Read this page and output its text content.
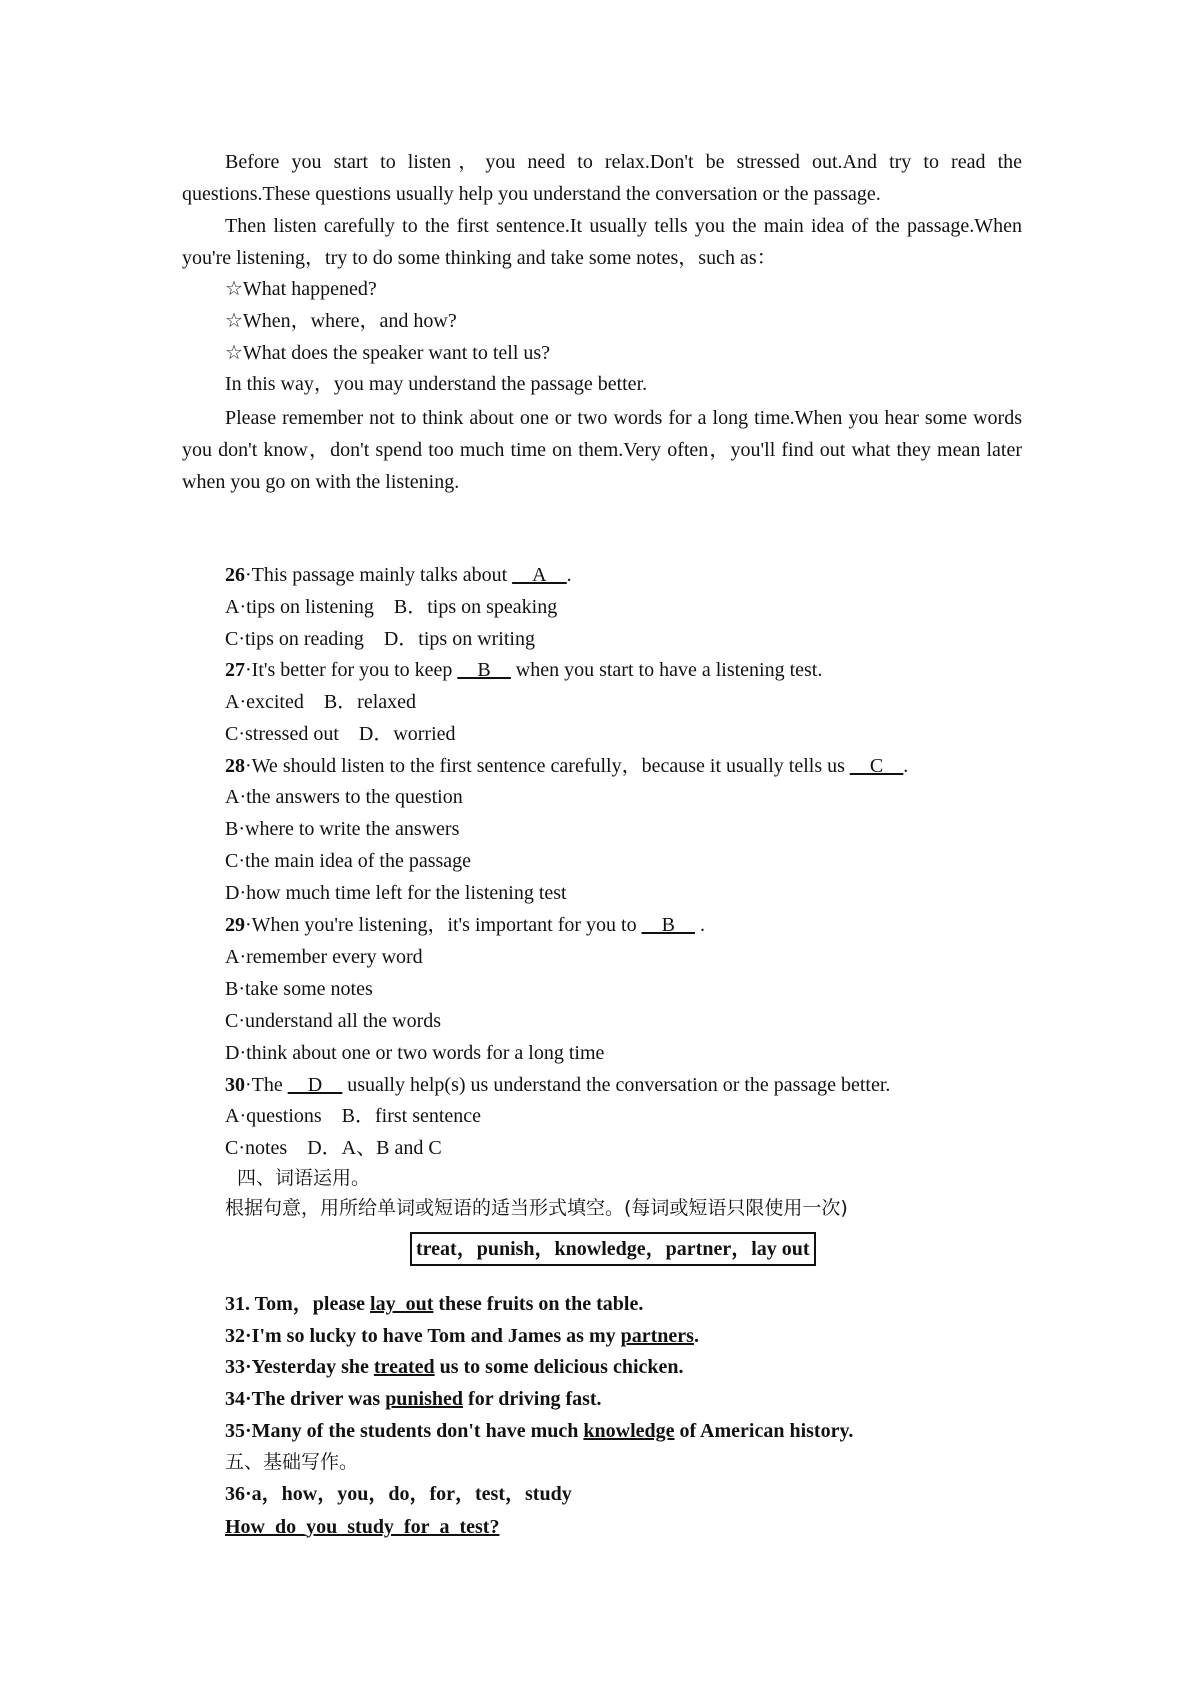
Before you start to listen，you need to relax.Don't be stressed out.And try to read the questions.These questions usually help you understand the conversation or the passage.

Then listen carefully to the first sentence.It usually tells you the main idea of the passage.When you're listening，try to do some thinking and take some notes，such as：

☆What happened?
☆When，where，and how?
☆What does the speaker want to tell us?
In this way，you may understand the passage better.

Please remember not to think about one or two words for a long time.When you hear some words you don't know，don't spend too much time on them.Very often，you'll find out what they mean later when you go on with the listening.

26·This passage mainly talks about __A__.
A·tips on listening　B．tips on speaking
C·tips on reading　D．tips on writing
27·It's better for you to keep __B__ when you start to have a listening test.
A·excited　B．relaxed
C·stressed out　D．worried
28·We should listen to the first sentence carefully，because it usually tells us __C__.
A·the answers to the question
B·where to write the answers
C·the main idea of the passage
D·how much time left for the listening test
29·When you're listening，it's important for you to __B__ .
A·remember every word
B·take some notes
C·understand all the words
D·think about one or two words for a long time
30·The __D__ usually help(s) us understand the conversation or the passage better.
A·questions　B．first sentence
C·notes　D．A、B and C
四、词语运用。
根据句意，用所给单词或短语的适当形式填空。(每词或短语只限使用一次)
treat，punish，knowledge，partner，lay out
31. Tom，please lay_out these fruits on the table.
32·I'm so lucky to have Tom and James as my partners.
33·Yesterday she treated us to some delicious chicken.
34·The driver was punished for driving fast.
35·Many of the students don't have much knowledge of American history.
五、基础写作。
36·a，how，you，do，for，test，study
How_do_you_study_for_a_test?
